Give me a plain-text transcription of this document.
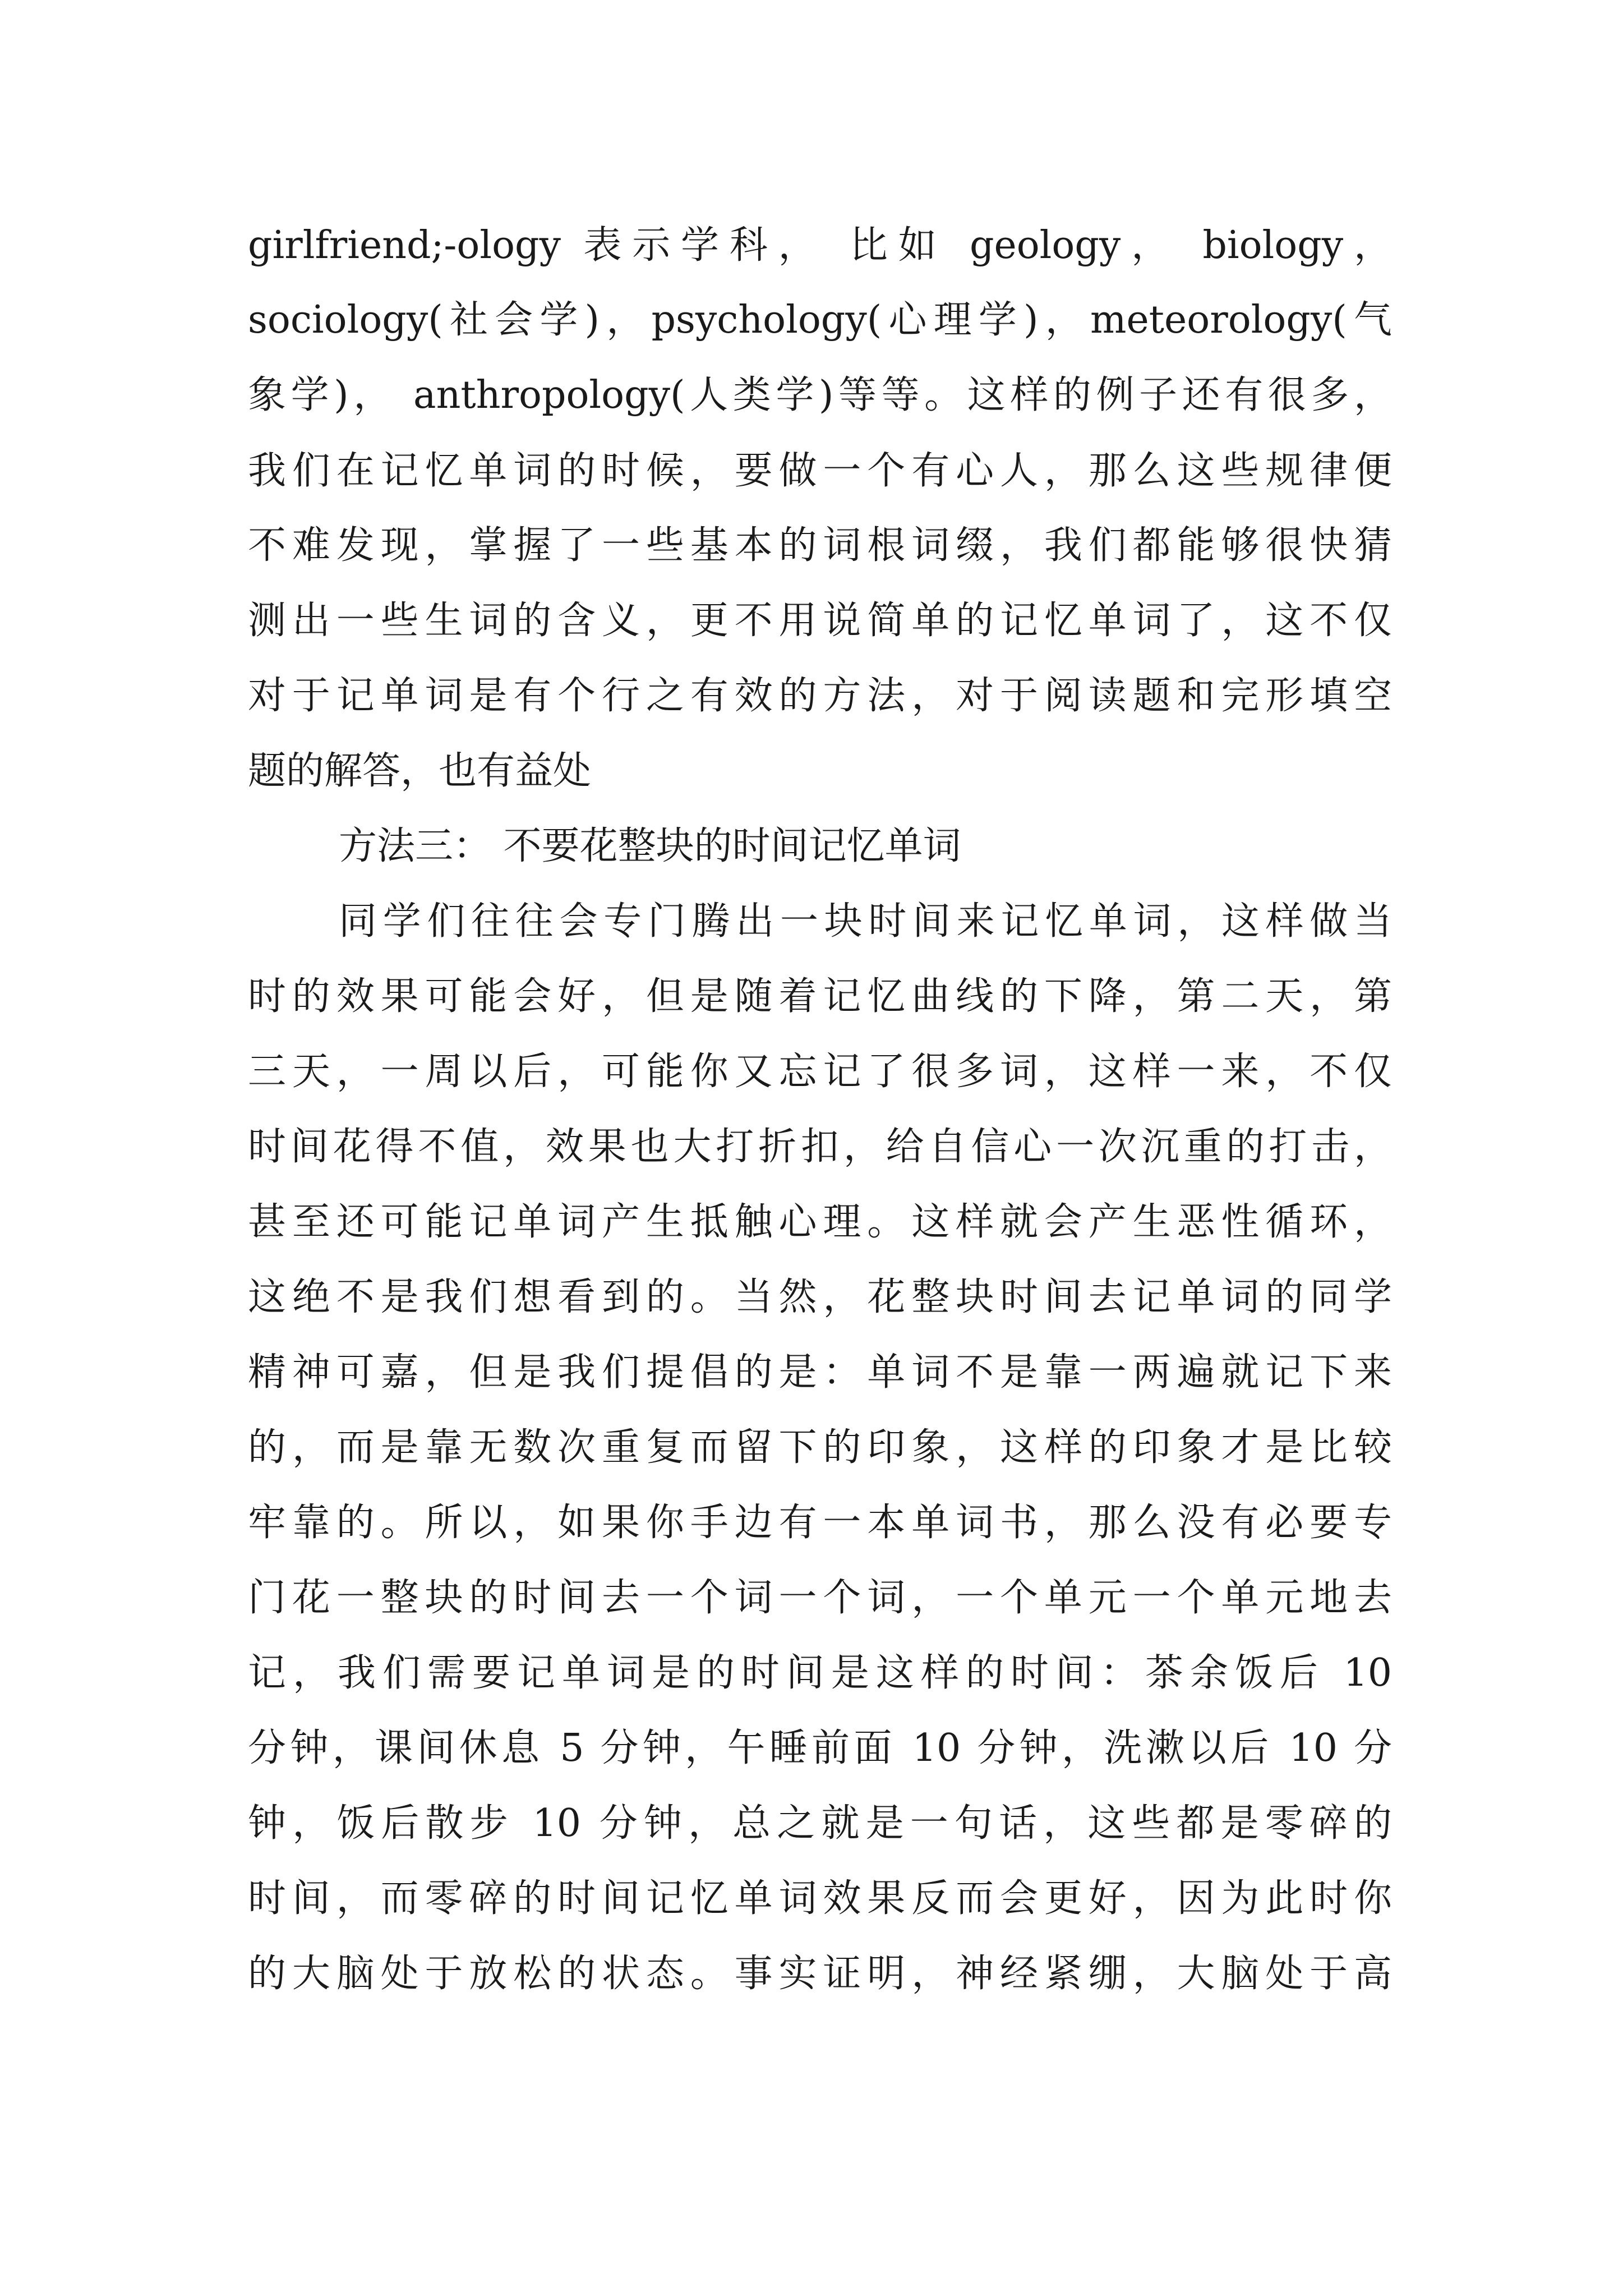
girlfriend;-ology 表示学科， 比如 geology， biology，
sociology(社会学)，psychology(心理学)，meteorology(气
象学)， anthropology(人类学)等等。这样的例子还有很多，
我们在记忆单词的时候，要做一个有心人，那么这些规律便
不难发现，掌握了一些基本的词根词缀，我们都能够很快猜
测出一些生词的含义，更不用说简单的记忆单词了，这不仅
对于记单词是有个行之有效的方法，对于阅读题和完形填空
题的解答，也有益处
方法三： 不要花整块的时间记忆单词
同学们往往会专门腾出一块时间来记忆单词，这样做当
时的效果可能会好，但是随着记忆曲线的下降，第二天，第
三天，一周以后，可能你又忘记了很多词，这样一来，不仅
时间花得不值，效果也大打折扣，给自信心一次沉重的打击，
甚至还可能记单词产生抵触心理。这样就会产生恶性循环，
这绝不是我们想看到的。当然，花整块时间去记单词的同学
精神可嘉，但是我们提倡的是：单词不是靠一两遍就记下来
的，而是靠无数次重复而留下的印象，这样的印象才是比较
牢靠的。所以，如果你手边有一本单词书，那么没有必要专
门花一整块的时间去一个词一个词，一个单元一个单元地去
记，我们需要记单词是的时间是这样的时间：茶余饭后 10
分钟，课间休息 5 分钟，午睡前面 10 分钟，洗漱以后 10 分
钟，饭后散步 10 分钟，总之就是一句话，这些都是零碎的
时间，而零碎的时间记忆单词效果反而会更好，因为此时你
的大脑处于放松的状态。事实证明，神经紧绷，大脑处于高
